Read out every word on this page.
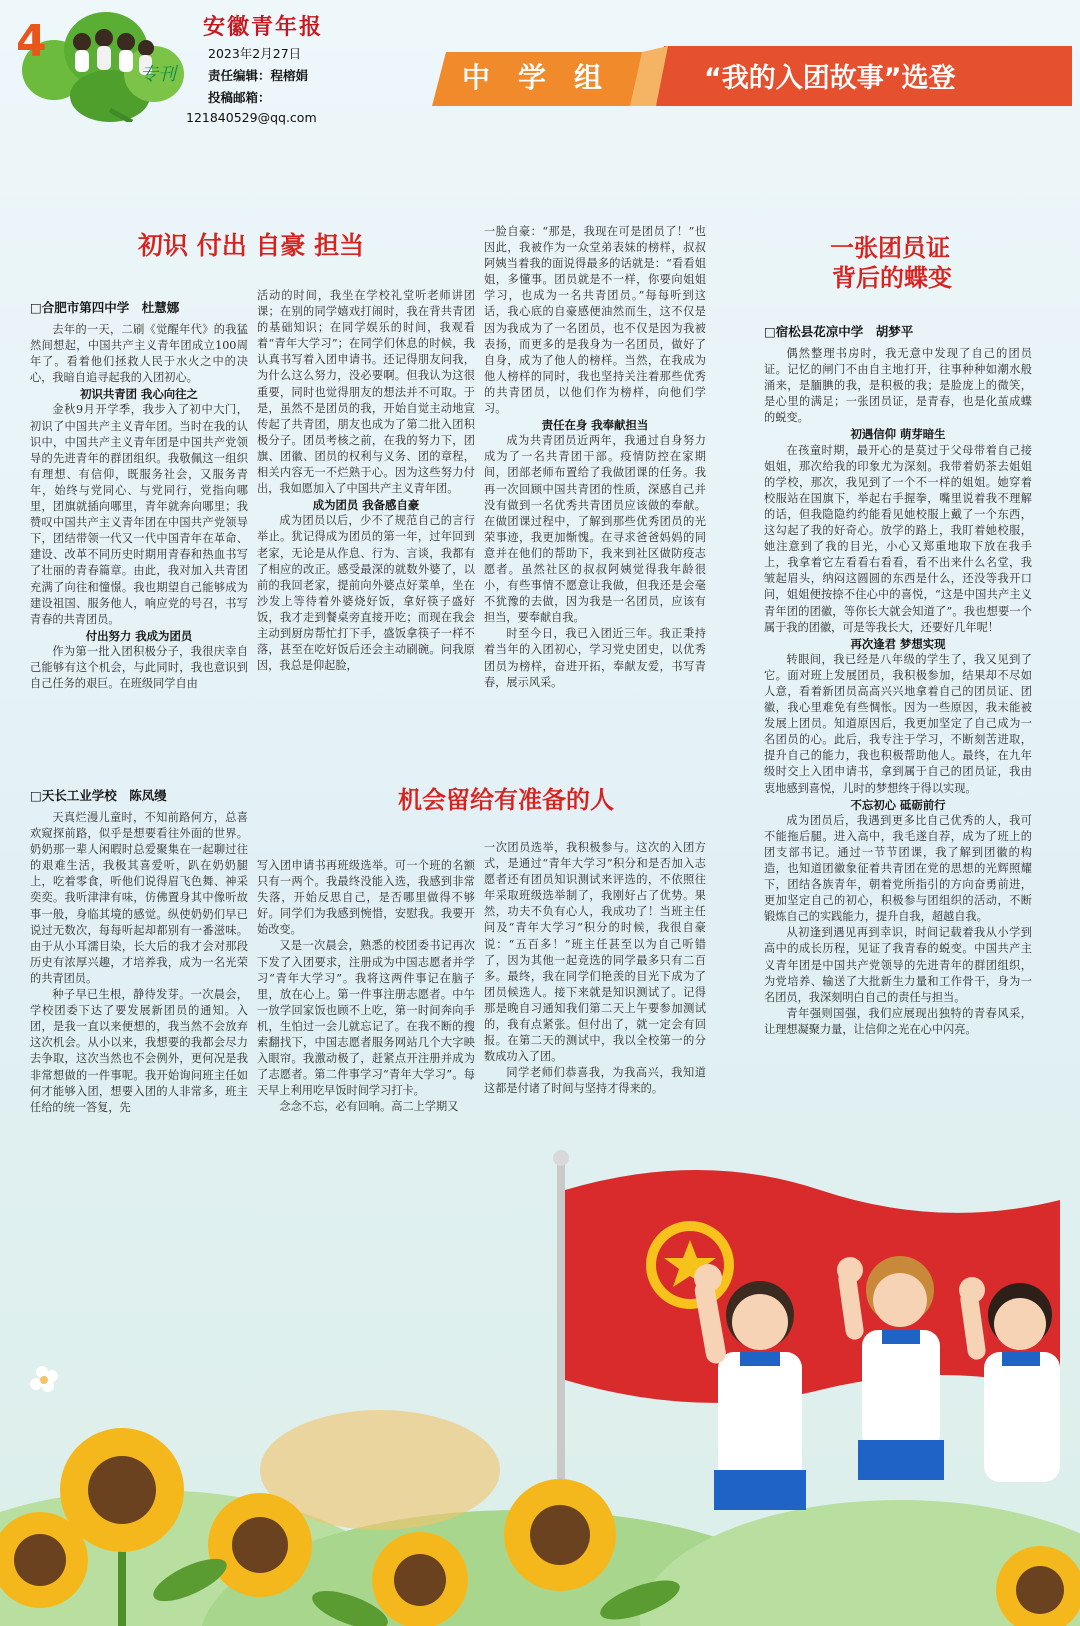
4
专刊
安徽青年报
2023年2月27日
责任编辑：程榕娟
投稿邮箱：
121840529@qq.com
中 学 组	“我的入团故事”选登
初识 付出 自豪 担当
□合肥市第四中学　杜慧娜

去年的一天，二刷《觉醒年代》的我猛然间想起，中国共产主义青年团成立100周年了。看着他们拯救人民于水火之中的决心，我暗自追寻起我的入团初心。

初识共青团 我心向往之

金秋9月开学季，我步入了初中大门，初识了中国共产主义青年团。当时在我的认识中，中国共产主义青年团是中国共产党领导的先进青年的群团组织。我敬佩这一组织有理想、有信仰，既服务社会，又服务青年，始终与党同心、与党同行，党指向哪里，团旗就插向哪里，青年就奔向哪里；我赞叹中国共产主义青年团在中国共产党领导下，团结带领一代又一代中国青年在革命、建设、改革不同历史时期用青春和热血书写了壮丽的青春篇章。由此，我对加入共青团充满了向往和憧憬。我也期望自己能够成为建设祖国、服务他人，响应党的号召，书写青春的共青团员。

付出努力 我成为团员

作为第一批入团积极分子，我很庆幸自己能够有这个机会，与此同时，我也意识到自己任务的艰巨。在班级同学自由

活动的时间，我坐在学校礼堂听老师讲团课；在别的同学嬉戏打闹时，我在背共青团的基础知识；在同学娱乐的时间，我观看着“青年大学习”；在同学们休息的时候，我认真书写着入团申请书。还记得朋友问我，为什么这么努力，没必要啊。但我认为这很重要，同时也觉得朋友的想法并不可取。于是，虽然不是团员的我，开始自觉主动地宣传起了共青团，朋友也成为了第二批入团积极分子。团员考核之前，在我的努力下，团旗、团徽、团员的权利与义务、团的章程，相关内容无一不烂熟于心。因为这些努力付出，我如愿加入了中国共产主义青年团。

成为团员 我备感自豪

成为团员以后，少不了规范自己的言行举止。犹记得成为团员的第一年，过年回到老家，无论是从作息、行为、言谈，我都有了相应的改正。感受最深的就数外婆了，以前的我回老家，提前向外婆点好菜单，坐在沙发上等待着外婆烧好饭，拿好筷子盛好饭，我才走到餐桌旁直接开吃；而现在我会主动到厨房帮忙打下手，盛饭拿筷子一样不落，甚至在吃好饭后还会主动刷碗。问我原因，我总是仰起脸，

一脸自豪：“那是，我现在可是团员了！”也因此，我被作为一众堂弟表妹的榜样，叔叔阿姨当着我的面说得最多的话就是：“看看姐姐，多懂事。团员就是不一样，你要向姐姐学习，也成为一名共青团员。”每每听到这话，我心底的自豪感便油然而生，这不仅是因为我成为了一名团员，也不仅是因为我被表扬，而更多的是我身为一名团员，做好了自身，成为了他人的榜样。当然，在我成为他人榜样的同时，我也坚持关注着那些优秀的共青团员，以他们作为榜样，向他们学习。

责任在身 我奉献担当

成为共青团员近两年，我通过自身努力成为了一名共青团干部。疫情防控在家期间，团部老师布置给了我做团课的任务。我再一次回顾中国共青团的性质，深感自己并没有做到一名优秀共青团员应该做的奉献。在做团课过程中，了解到那些优秀团员的光荣事迹，我更加惭愧。在寻求爸爸妈妈的同意并在他们的帮助下，我来到社区做防疫志愿者。虽然社区的叔叔阿姨觉得我年龄很小，有些事情不愿意让我做，但我还是会毫不犹豫的去做，因为我是一名团员，应该有担当，要奉献自我。

时至今日，我已入团近三年。我正秉持着当年的入团初心，学习党史团史，以优秀团员为榜样，奋进开拓，奉献友爱，书写青春，展示风采。

一张团员证
背后的蝶变
□宿松县花凉中学　胡梦平

偶然整理书房时，我无意中发现了自己的团员证。记忆的闸门不由自主地打开，往事种种如潮水般涌来，是腼腆的我，是积极的我；是脸庞上的微笑，是心里的满足；一张团员证，是青春，也是化茧成蝶的蜕变。

初遇信仰 萌芽暗生

在孩童时期，最开心的是莫过于父母带着自己接姐姐，那次给我的印象尤为深刻。我带着奶茶去姐姐的学校，那次，我见到了一个不一样的姐姐。她穿着校服站在国旗下，举起右手握拳，嘴里说着我不理解的话，但我隐隐约约能看见她校服上戴了一个东西，这勾起了我的好奇心。放学的路上，我盯着她校服，她注意到了我的目光，小心又郑重地取下放在我手上，我拿着它左看看右看看，看不出来什么名堂，我皱起眉头，纳闷这圆圆的东西是什么，还没等我开口问，姐姐便按捺不住心中的喜悦，“这是中国共产主义青年团的团徽，等你长大就会知道了”。我也想要一个属于我的团徽，可是等我长大，还要好几年呢！

再次逢君 梦想实现

转眼间，我已经是八年级的学生了，我又见到了它。面对班上发展团员，我积极参加，结果却不尽如人意，看着新团员高高兴兴地拿着自己的团员证、团徽，我心里难免有些惆怅。因为一些原因，我未能被发展上团员。知道原因后，我更加坚定了自己成为一名团员的心。此后，我专注于学习，不断刻苦进取，提升自己的能力，我也积极帮助他人。最终，在九年级时交上入团申请书，拿到属于自己的团员证，我由衷地感到喜悦，儿时的梦想终于得以实现。

不忘初心 砥砺前行

成为团员后，我遇到更多比自己优秀的人，我可不能拖后腿。进入高中，我毛遂自荐，成为了班上的团支部书记。通过一节节团课，我了解到团徽的构造，也知道团徽象征着共青团在党的思想的光辉照耀下，团结各族青年，朝着党所指引的方向奋勇前进，更加坚定自己的初心，积极参与团组织的活动，不断锻炼自己的实践能力，提升自我，超越自我。

从初逢到遇见再到幸识，时间记载着我从小学到高中的成长历程，见证了我青春的蜕变。中国共产主义青年团是中国共产党领导的先进青年的群团组织，为党培养、输送了大批新生力量和工作骨干，身为一名团员，我深刻明白自己的责任与担当。

青年强则国强，我们应展现出独特的青春风采，让理想凝聚力量，让信仰之光在心中闪亮。

机会留给有准备的人
□天长工业学校　陈凤缦

天真烂漫儿童时，不知前路何方，总喜欢窥探前路，似乎是想要看往外面的世界。奶奶那一辈人闲暇时总爱聚集在一起聊过往的艰难生活，我极其喜爱听，趴在奶奶腿上，吃着零食，听他们说得眉飞色舞、神采奕奕。我听津津有味，仿佛置身其中像听故事一般，身临其境的感觉。纵使奶奶们早已说过无数次，每每听起却都别有一番滋味。由于从小耳濡目染，长大后的我才会对那段历史有浓厚兴趣，才培养我，成为一名光荣的共青团员。

种子早已生根，静待发芽。一次晨会，学校团委下达了要发展新团员的通知。入团，是我一直以来便想的，我当然不会放弃这次机会。从小以来，我想要的我都会尽力去争取，这次当然也不会例外，更何况是我非常想做的一件事呢。我开始询问班主任如何才能够入团，想要入团的人非常多，班主任给的统一答复，先

写入团申请书再班级选举。可一个班的名额只有一两个。我最终没能入选，我感到非常失落，开始反思自己，是否哪里做得不够好。同学们为我感到惋惜，安慰我。我要开始改变。

又是一次晨会，熟悉的校团委书记再次下发了入团要求，注册成为中国志愿者并学习“青年大学习”。我将这两件事记在脑子里，放在心上。第一件事注册志愿者。中午一放学回家饭也顾不上吃，第一时间奔向手机，生怕过一会儿就忘记了。在我不断的搜索翻找下，中国志愿者服务网站几个大字映入眼帘。我激动极了，赶紧点开注册并成为了志愿者。第二件事学习“青年大学习”。每天早上利用吃早饭时间学习打卡。

念念不忘，必有回响。高二上学期又

一次团员选举，我积极参与。这次的入团方式，是通过“青年大学习”积分和是否加入志愿者还有团员知识测试来评选的，不依照往年采取班级选举制了，我刚好占了优势。果然，功夫不负有心人，我成功了！当班主任问及“青年大学习”积分的时候，我很自豪说：“五百多！”班主任甚至以为自己听错了，因为其他一起竞选的同学最多只有二百多。最终，我在同学们艳羡的目光下成为了团员候选人。接下来就是知识测试了。记得那是晚自习通知我们第二天上午要参加测试的，我有点紧张。但付出了，就一定会有回报。在第二天的测试中，我以全校第一的分数成功入了团。

同学老师们恭喜我，为我高兴，我知道这都是付诸了时间与坚持才得来的。
